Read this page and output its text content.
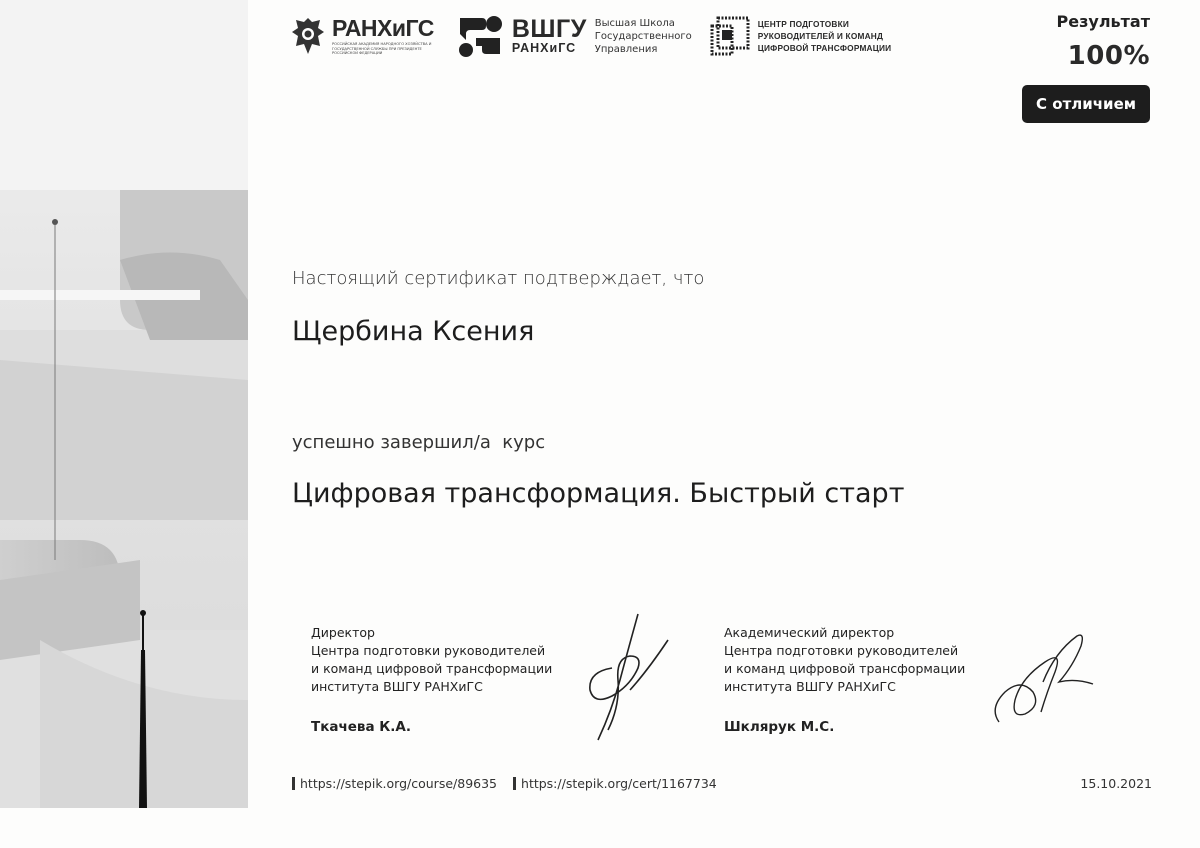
РАНХиГС
РОССИЙСКАЯ АКАДЕМИЯ НАРОДНОГО ХОЗЯЙСТВА И ГОСУДАРСТВЕННОЙ СЛУЖБЫ ПРИ ПРЕЗИДЕНТЕ РОССИЙСКОЙ ФЕДЕРАЦИИ
ВШГУ
РАНХиГС
Высшая Школа
Государственного
Управления
ЦЕНТР ПОДГОТОВКИ
РУКОВОДИТЕЛЕЙ И КОМАНД
ЦИФРОВОЙ ТРАНСФОРМАЦИИ
Результат
100%
С отличием
Настоящий сертификат подтверждает, что
Щербина Ксения
успешно завершил/а  курс
Цифровая трансформация. Быстрый старт
Директор
Центра подготовки руководителей
и команд цифровой трансформации
института ВШГУ РАНХиГС
Ткачева К.А.
Академический директор
Центра подготовки руководителей
и команд цифровой трансформации
института ВШГУ РАНХиГС
Шклярук М.С.
https://stepik.org/course/89635 https://stepik.org/cert/1167734	15.10.2021
